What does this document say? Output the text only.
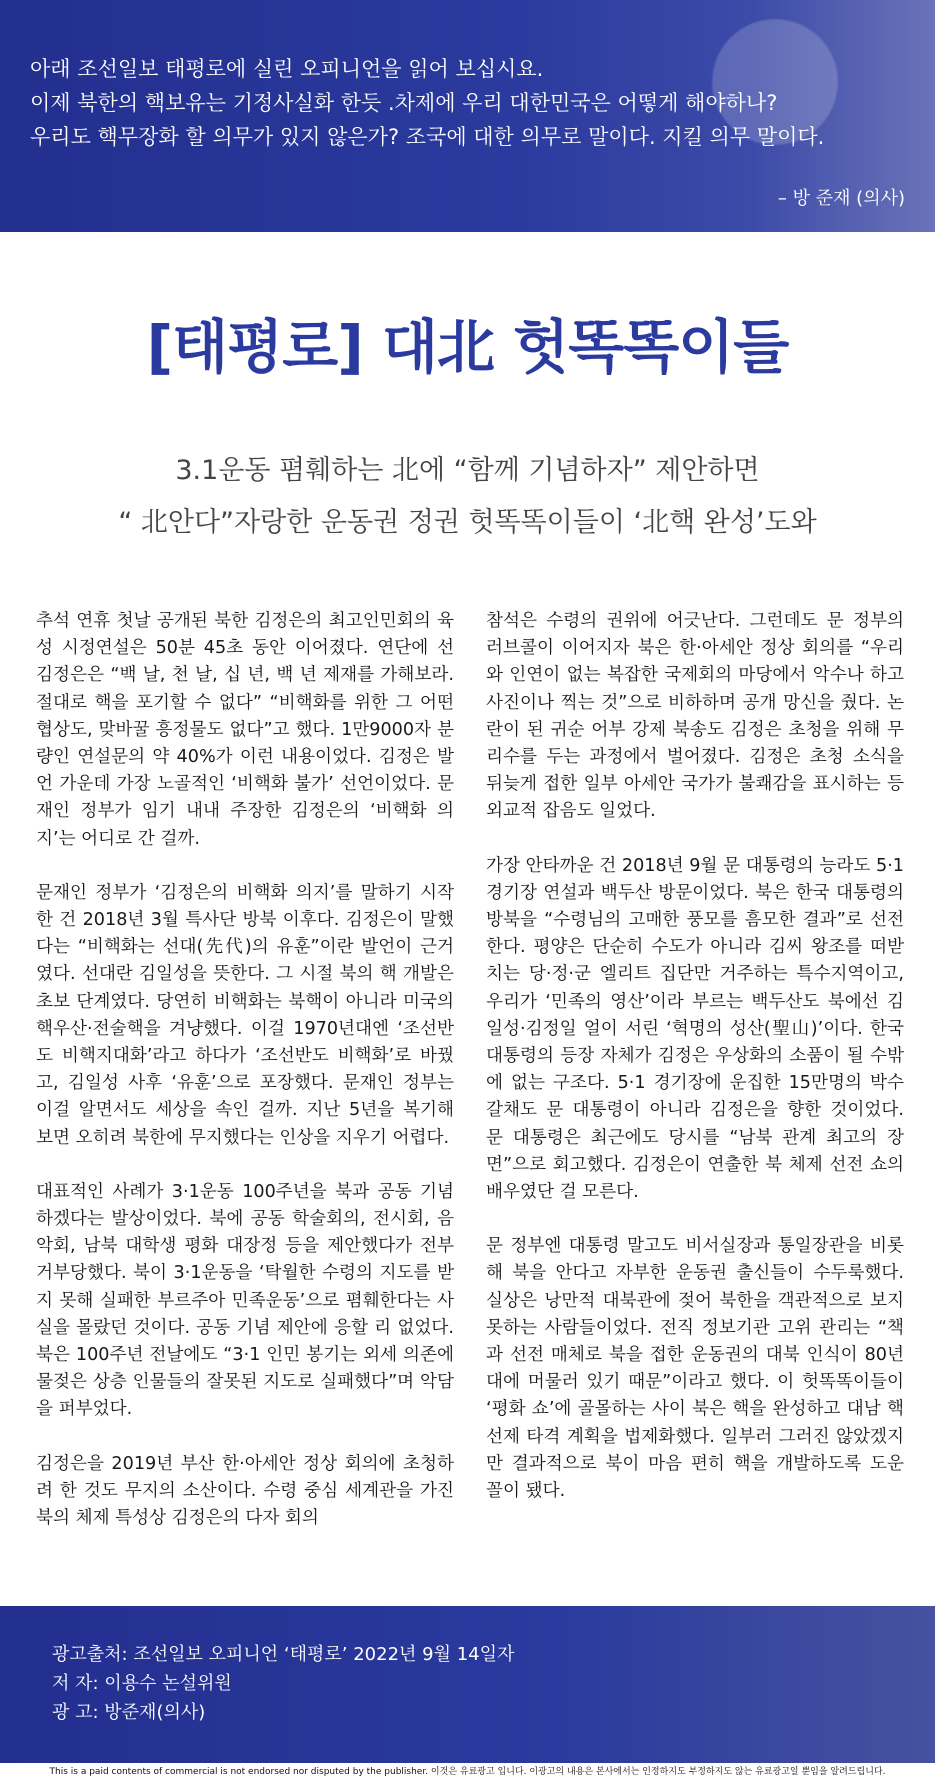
아래 조선일보 태평로에 실린 오피니언을 읽어 보십시요.
이제 북한의 핵보유는 기정사실화 한듯 .차제에 우리 대한민국은 어떻게 해야하나?
우리도 핵무장화 할 의무가 있지 않은가? 조국에 대한 의무로 말이다. 지킬 의무 말이다.
– 방 준재 (의사)
[태평로] 대北 헛똑똑이들
3.1운동 폄훼하는 北에 “함께 기념하자” 제안하면
“ 北안다”자랑한 운동권 정권 헛똑똑이들이 ‘北핵 완성’도와

추석 연휴 첫날 공개된 북한 김정은의 최고인민회의 육성 시정연설은 50분 45초 동안 이어졌다. 연단에 선 김정은은 “백 날, 천 날, 십 년, 백 년 제재를 가해보라. 절대로 핵을 포기할 수 없다” “비핵화를 위한 그 어떤 협상도, 맞바꿀 흥정물도 없다”고 했다. 1만9000자 분량인 연설문의 약 40%가 이런 내용이었다. 김정은 발언 가운데 가장 노골적인 ‘비핵화 불가’ 선언이었다. 문재인 정부가 임기 내내 주장한 김정은의 ‘비핵화 의지’는 어디로 간 걸까.

문재인 정부가 ‘김정은의 비핵화 의지’를 말하기 시작한 건 2018년 3월 특사단 방북 이후다. 김정은이 말했다는 “비핵화는 선대(先代)의 유훈”이란 발언이 근거였다. 선대란 김일성을 뜻한다. 그 시절 북의 핵 개발은 초보 단계였다. 당연히 비핵화는 북핵이 아니라 미국의 핵우산·전술핵을 겨냥했다. 이걸 1970년대엔 ‘조선반도 비핵지대화’라고 하다가 ‘조선반도 비핵화’로 바꿨고, 김일성 사후 ‘유훈’으로 포장했다. 문재인 정부는 이걸 알면서도 세상을 속인 걸까. 지난 5년을 복기해 보면 오히려 북한에 무지했다는 인상을 지우기 어렵다.

대표적인 사례가 3·1운동 100주년을 북과 공동 기념하겠다는 발상이었다. 북에 공동 학술회의, 전시회, 음악회, 남북 대학생 평화 대장정 등을 제안했다가 전부 거부당했다. 북이 3·1운동을 ‘탁월한 수령의 지도를 받지 못해 실패한 부르주아 민족운동’으로 폄훼한다는 사실을 몰랐던 것이다. 공동 기념 제안에 응할 리 없었다. 북은 100주년 전날에도 “3·1 인민 봉기는 외세 의존에 물젖은 상층 인물들의 잘못된 지도로 실패했다”며 악담을 퍼부었다.

김정은을 2019년 부산 한·아세안 정상 회의에 초청하려 한 것도 무지의 소산이다. 수령 중심 세계관을 가진 북의 체제 특성상 김정은의 다자 회의

참석은 수령의 권위에 어긋난다. 그런데도 문 정부의 러브콜이 이어지자 북은 한·아세안 정상 회의를 “우리와 인연이 없는 복잡한 국제회의 마당에서 악수나 하고 사진이나 찍는 것”으로 비하하며 공개 망신을 줬다. 논란이 된 귀순 어부 강제 북송도 김정은 초청을 위해 무리수를 두는 과정에서 벌어졌다. 김정은 초청 소식을 뒤늦게 접한 일부 아세안 국가가 불쾌감을 표시하는 등 외교적 잡음도 일었다.

가장 안타까운 건 2018년 9월 문 대통령의 능라도 5·1 경기장 연설과 백두산 방문이었다. 북은 한국 대통령의 방북을 “수령님의 고매한 풍모를 흠모한 결과”로 선전한다. 평양은 단순히 수도가 아니라 김씨 왕조를 떠받치는 당·정·군 엘리트 집단만 거주하는 특수지역이고, 우리가 ‘민족의 영산’이라 부르는 백두산도 북에선 김일성·김정일 얼이 서린 ‘혁명의 성산(聖山)’이다. 한국 대통령의 등장 자체가 김정은 우상화의 소품이 될 수밖에 없는 구조다. 5·1 경기장에 운집한 15만명의 박수 갈채도 문 대통령이 아니라 김정은을 향한 것이었다. 문 대통령은 최근에도 당시를 “남북 관계 최고의 장면”으로 회고했다. 김정은이 연출한 북 체제 선전 쇼의 배우였단 걸 모른다.

문 정부엔 대통령 말고도 비서실장과 통일장관을 비롯해 북을 안다고 자부한 운동권 출신들이 수두룩했다. 실상은 낭만적 대북관에 젖어 북한을 객관적으로 보지 못하는 사람들이었다. 전직 정보기관 고위 관리는 “책과 선전 매체로 북을 접한 운동권의 대북 인식이 80년대에 머물러 있기 때문”이라고 했다. 이 헛똑똑이들이 ‘평화 쇼’에 골몰하는 사이 북은 핵을 완성하고 대남 핵 선제 타격 계획을 법제화했다. 일부러 그러진 않았겠지만 결과적으로 북이 마음 편히 핵을 개발하도록 도운 꼴이 됐다.

광고출처: 조선일보 오피니언 ‘태평로’ 2022년 9월 14일자
저 자: 이용수 논설위원
광 고: 방준재(의사)
This is a paid contents of commercial is not endorsed nor disputed by the publisher. 이것은 유료광고 입니다. 이광고의 내용은 본사에서는 인정하지도 부정하지도 않는 유료광고일 뿐임을 알려드립니다.
